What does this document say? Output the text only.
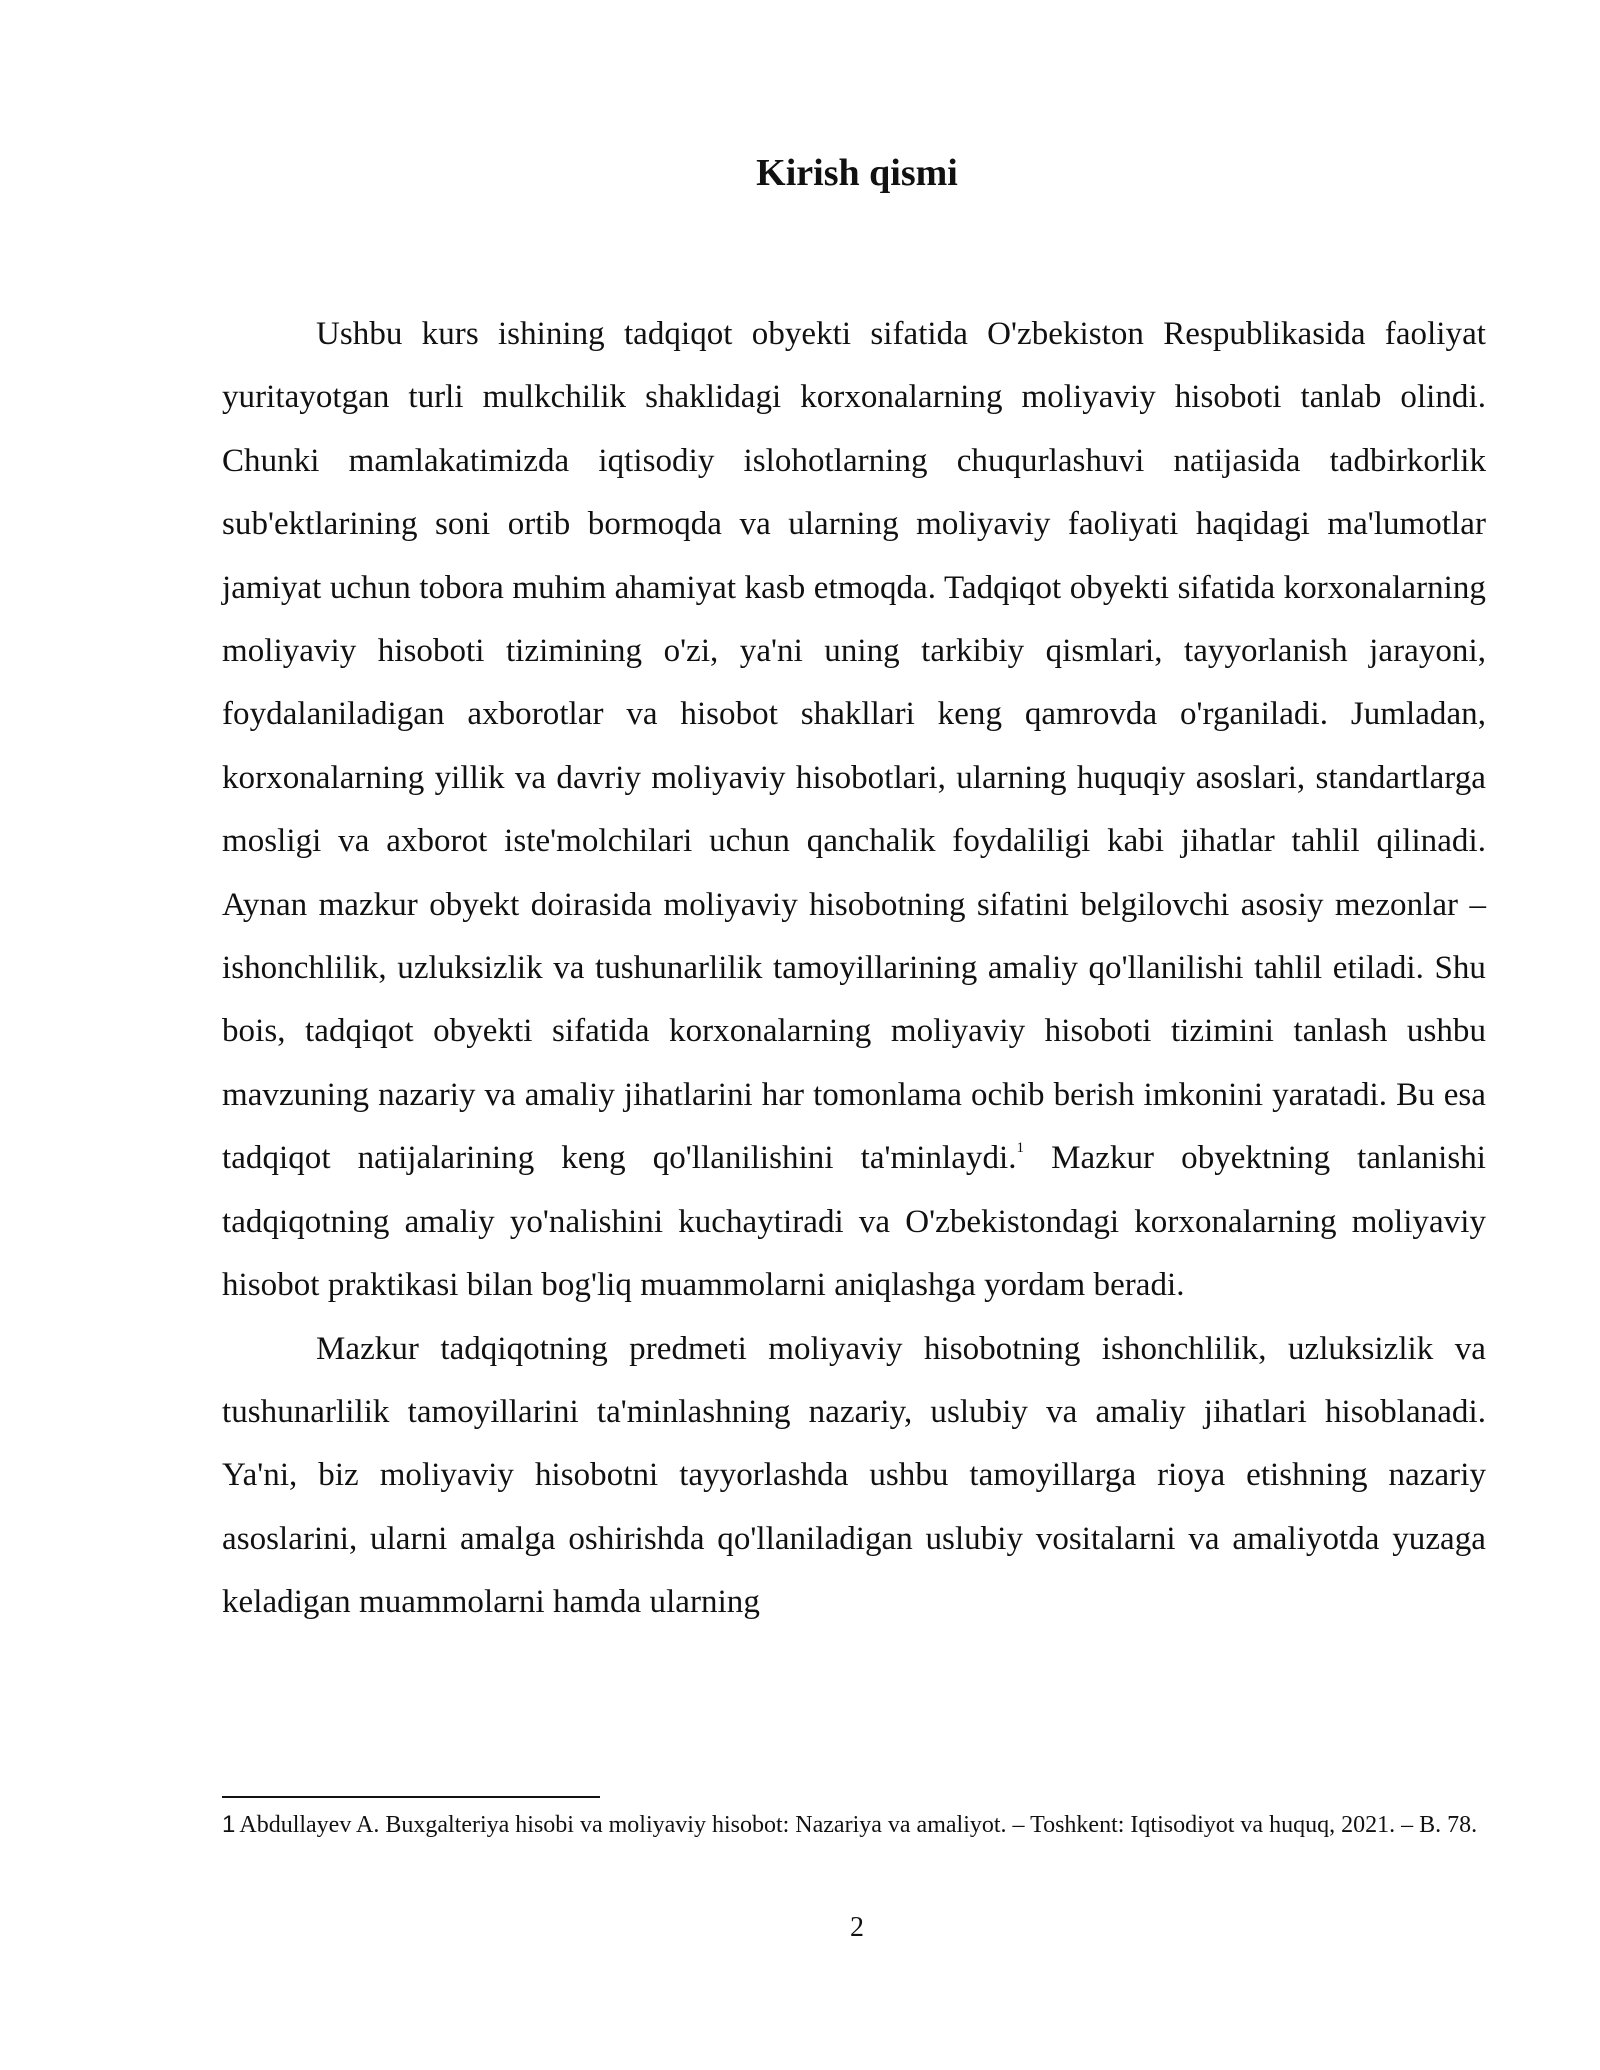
Kirish qismi

Ushbu kurs ishining tadqiqot obyekti sifatida O'zbekiston Respublikasida faoliyat yuritayotgan turli mulkchilik shaklidagi korxonalarning moliyaviy hisoboti tanlab olindi. Chunki mamlakatimizda iqtisodiy islohotlarning chuqurlashuvi natijasida tadbirkorlik sub'ektlarining soni ortib bormoqda va ularning moliyaviy faoliyati haqidagi ma'lumotlar jamiyat uchun tobora muhim ahamiyat kasb etmoqda. Tadqiqot obyekti sifatida korxonalarning moliyaviy hisoboti tizimining o'zi, ya'ni uning tarkibiy qismlari, tayyorlanish jarayoni, foydalaniladigan axborotlar va hisobot shakllari keng qamrovda o'rganiladi. Jumladan, korxonalarning yillik va davriy moliyaviy hisobotlari, ularning huquqiy asoslari, standartlarga mosligi va axborot iste'molchilari uchun qanchalik foydaliligi kabi jihatlar tahlil qilinadi. Aynan mazkur obyekt doirasida moliyaviy hisobotning sifatini belgilovchi asosiy mezonlar – ishonchlilik, uzluksizlik va tushunarlilik tamoyillarining amaliy qo'llanilishi tahlil etiladi. Shu bois, tadqiqot obyekti sifatida korxonalarning moliyaviy hisoboti tizimini tanlash ushbu mavzuning nazariy va amaliy jihatlarini har tomonlama ochib berish imkonini yaratadi. Bu esa tadqiqot natijalarining keng qo'llanilishini ta'minlaydi.$^1$ Mazkur obyektning tanlanishi tadqiqotning amaliy yo'nalishini kuchaytiradi va O'zbekistondagi korxonalarning moliyaviy hisobot praktikasi bilan bog'liq muammolarni aniqlashga yordam beradi.

Mazkur tadqiqotning predmeti moliyaviy hisobotning ishonchlilik, uzluksizlik va tushunarlilik tamoyillarini ta'minlashning nazariy, uslubiy va amaliy jihatlari hisoblanadi. Ya'ni, biz moliyaviy hisobotni tayyorlashda ushbu tamoyillarga rioya etishning nazariy asoslarini, ularni amalga oshirishda qo'llaniladigan uslubiy vositalarni va amaliyotda yuzaga keladigan muammolarni hamda ularning

1 Abdullayev A. Buxgalteriya hisobi va moliyaviy hisobot: Nazariya va amaliyot. – Toshkent: Iqtisodiyot va huquq, 2021. – B. 78.

2
